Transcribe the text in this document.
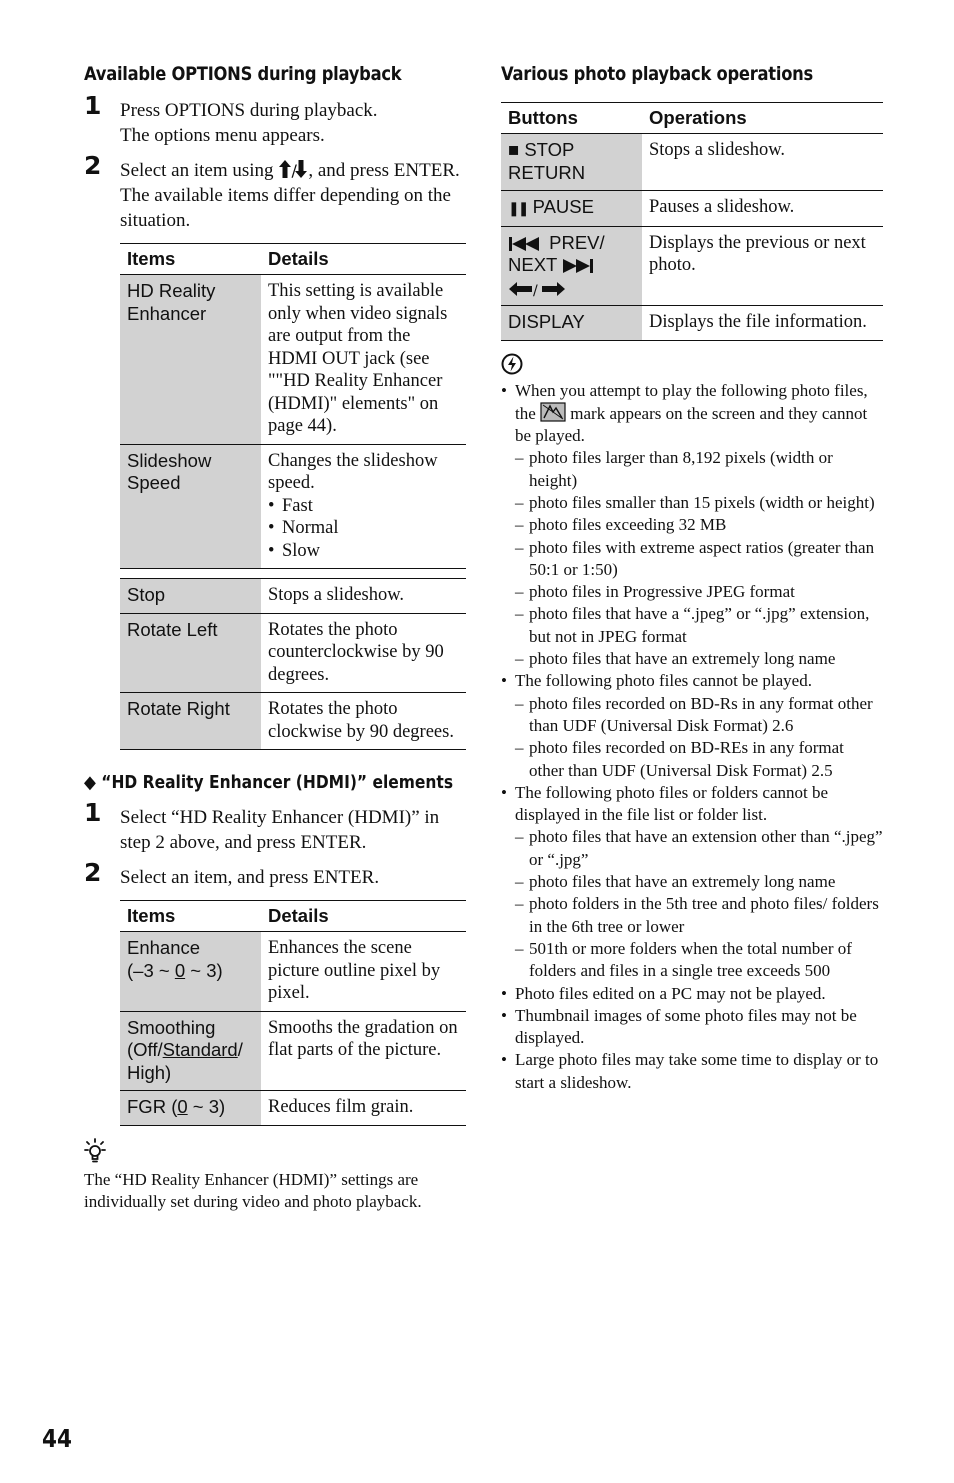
Available OPTIONS during playback
1 Press OPTIONS during playback.

The options menu appears.

2 Select an item using / , and press ENTER.

The available items differ depending on the situation.

Items	Details
HD Reality Enhancer	This setting is available only when video signals are output from the HDMI OUT jack (see ""HD Reality Enhancer (HDMI)" elements" on page 44).
Slideshow Speed	Changes the slideshow speed.
• Fast
• Normal
• Slow

Stop	Stops a slideshow.
Rotate Left	Rotates the photo counterclockwise by 90 degrees.
Rotate Right	Rotates the photo clockwise by 90 degrees.
◆ “HD Reality Enhancer (HDMI)” elements
1 Select “HD Reality Enhancer (HDMI)” in step 2 above, and press ENTER.

2 Select an item, and press ENTER.

Items	Details

Enhance
(–3 ~ 0 ~ 3)	Enhances the scene picture outline pixel by pixel.

Smoothing
(Off/Standard/ High)	Smooths the gradation on flat parts of the picture.
FGR (0 ~ 3)	Reduces film grain.
The “HD Reality Enhancer (HDMI)” settings are individually set during video and photo playback.
Various photo playback operations
Buttons	Operations
■ STOP RETURN	Stops a slideshow.
❚❚ PAUSE	Pauses a slideshow.

PREV/
NEXT
/	Displays the previous or next photo.
DISPLAY	Displays the file information.
• When you attempt to play the following photo files, the mark appears on the screen and they cannot be played.
– photo files larger than 8,192 pixels (width or height)
– photo files smaller than 15 pixels (width or height)
– photo files exceeding 32 MB
– photo files with extreme aspect ratios (greater than 50:1 or 1:50)
– photo files in Progressive JPEG format
– photo files that have a “.jpeg” or “.jpg” extension, but not in JPEG format
– photo files that have an extremely long name
• The following photo files cannot be played.
– photo files recorded on BD-Rs in any format other than UDF (Universal Disk Format) 2.6
– photo files recorded on BD-REs in any format other than UDF (Universal Disk Format) 2.5
• The following photo files or folders cannot be displayed in the file list or folder list.
– photo files that have an extension other than “.jpeg” or “.jpg”
– photo files that have an extremely long name
– photo folders in the 5th tree and photo files/ folders in the 6th tree or lower
– 501th or more folders when the total number of folders and files in a single tree exceeds 500
• Photo files edited on a PC may not be played.
• Thumbnail images of some photo files may not be displayed.
• Large photo files may take some time to display or to start a slideshow.
44
